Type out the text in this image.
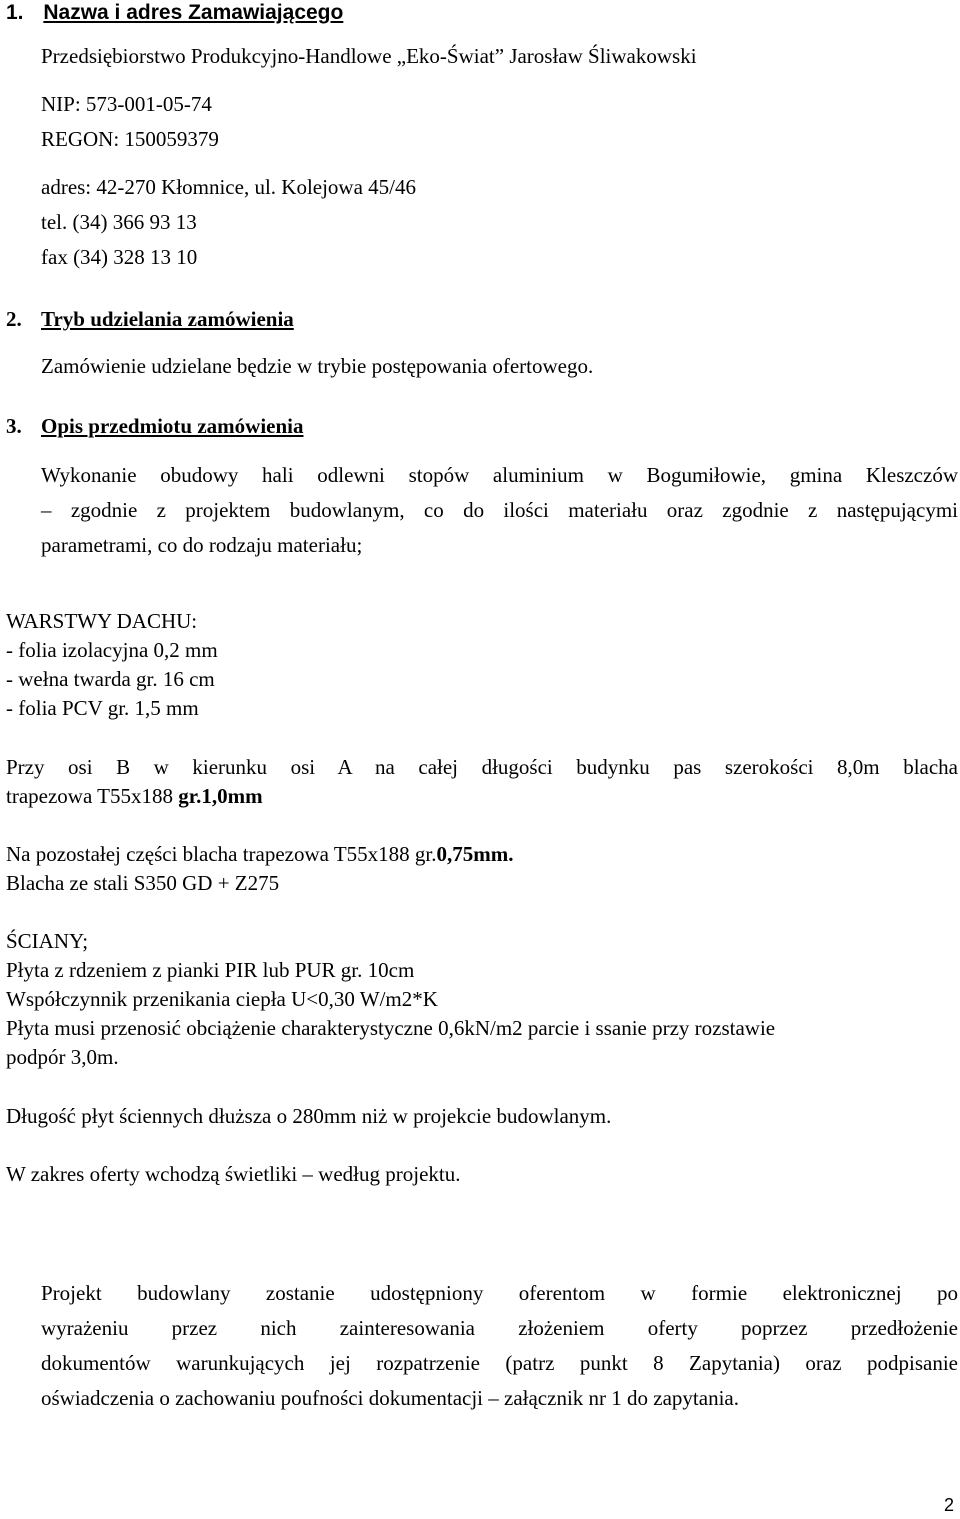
1. Nazwa i adres Zamawiającego
Przedsiębiorstwo Produkcyjno-Handlowe „Eko-Świat” Jarosław Śliwakowski
NIP: 573-001-05-74
REGON: 150059379
adres: 42-270 Kłomnice, ul. Kolejowa 45/46
tel. (34) 366 93 13
fax (34) 328 13 10
2. Tryb udzielania zamówienia
Zamówienie udzielane będzie w trybie postępowania ofertowego.
3. Opis przedmiotu zamówienia
Wykonanie obudowy hali odlewni stopów aluminium w Bogumiłowie, gmina Kleszczów
– zgodnie z projektem budowlanym, co do ilości materiału oraz zgodnie z następującymi
parametrami, co do rodzaju materiału;
WARSTWY DACHU:
- folia izolacyjna 0,2 mm
- wełna twarda gr. 16 cm
- folia PCV gr. 1,5 mm
Przy osi B w kierunku osi A na całej długości budynku pas szerokości 8,0m blacha
trapezowa T55x188 gr.1,0mm
Na pozostałej części blacha trapezowa T55x188 gr.0,75mm.
Blacha ze stali S350 GD + Z275
ŚCIANY;
Płyta z rdzeniem z pianki PIR lub PUR gr. 10cm
Współczynnik przenikania ciepła U<0,30 W/m2*K
Płyta musi przenosić obciążenie charakterystyczne 0,6kN/m2 parcie i ssanie przy rozstawie
podpór 3,0m.
Długość płyt ściennych dłuższa o 280mm niż w projekcie budowlanym.
W zakres oferty wchodzą świetliki – według projektu.
Projekt budowlany zostanie udostępniony oferentom w formie elektronicznej po
wyrażeniu przez nich zainteresowania złożeniem oferty poprzez przedłożenie
dokumentów warunkujących jej rozpatrzenie (patrz punkt 8 Zapytania) oraz podpisanie
oświadczenia o zachowaniu poufności dokumentacji – załącznik nr 1 do zapytania.
2
